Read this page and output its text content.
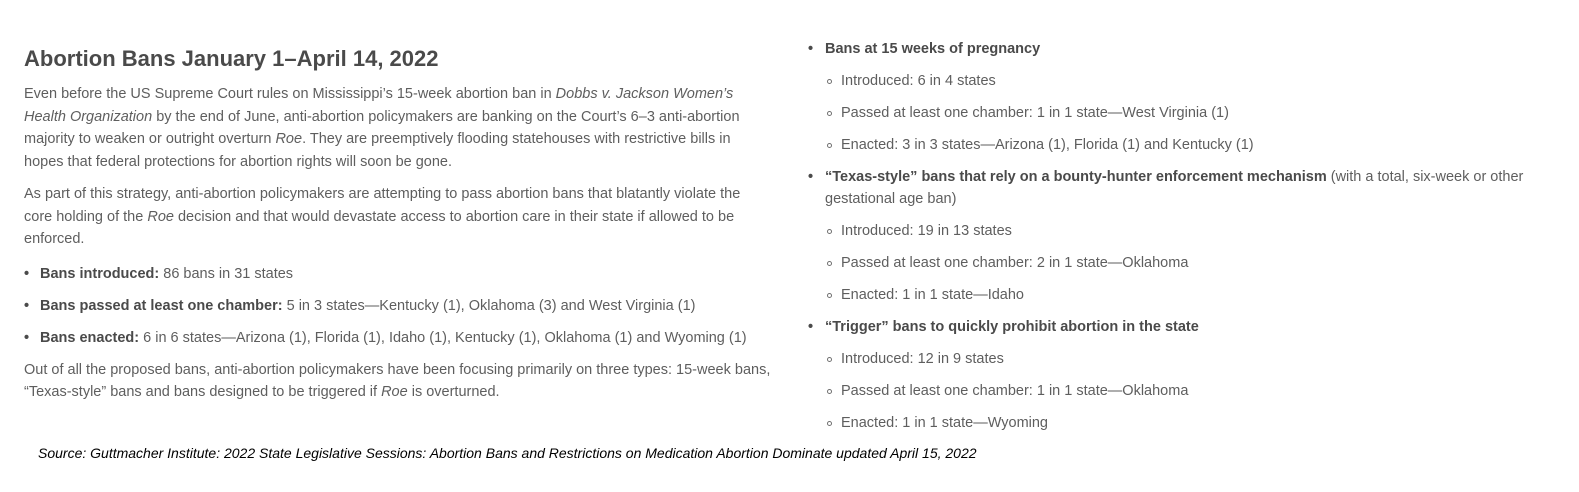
Abortion Bans January 1–April 14, 2022

Even before the US Supreme Court rules on Mississippi’s 15-week abortion ban in Dobbs v. Jackson Women’s Health Organization by the end of June, anti-abortion policymakers are banking on the Court’s 6–3 anti-abortion majority to weaken or outright overturn Roe. They are preemptively flooding statehouses with restrictive bills in hopes that federal protections for abortion rights will soon be gone.

As part of this strategy, anti-abortion policymakers are attempting to pass abortion bans that blatantly violate the core holding of the Roe decision and that would devastate access to abortion care in their state if allowed to be enforced.

• Bans introduced: 86 bans in 31 states
• Bans passed at least one chamber: 5 in 3 states—Kentucky (1), Oklahoma (3) and West Virginia (1)
• Bans enacted: 6 in 6 states—Arizona (1), Florida (1), Idaho (1), Kentucky (1), Oklahoma (1) and Wyoming (1)

Out of all the proposed bans, anti-abortion policymakers have been focusing primarily on three types: 15-week bans, “Texas-style” bans and bans designed to be triggered if Roe is overturned.

• Bans at 15 weeks of pregnancy
Introduced: 6 in 4 states
Passed at least one chamber: 1 in 1 state—West Virginia (1)
Enacted: 3 in 3 states—Arizona (1), Florida (1) and Kentucky (1)
• “Texas-style” bans that rely on a bounty-hunter enforcement mechanism (with a total, six-week or other gestational age ban)
Introduced: 19 in 13 states
Passed at least one chamber: 2 in 1 state—Oklahoma
Enacted: 1 in 1 state—Idaho
• “Trigger” bans to quickly prohibit abortion in the state
Introduced: 12 in 9 states
Passed at least one chamber: 1 in 1 state—Oklahoma
Enacted: 1 in 1 state—Wyoming
Source: Guttmacher Institute: 2022 State Legislative Sessions: Abortion Bans and Restrictions on Medication Abortion Dominate updated April 15, 2022
